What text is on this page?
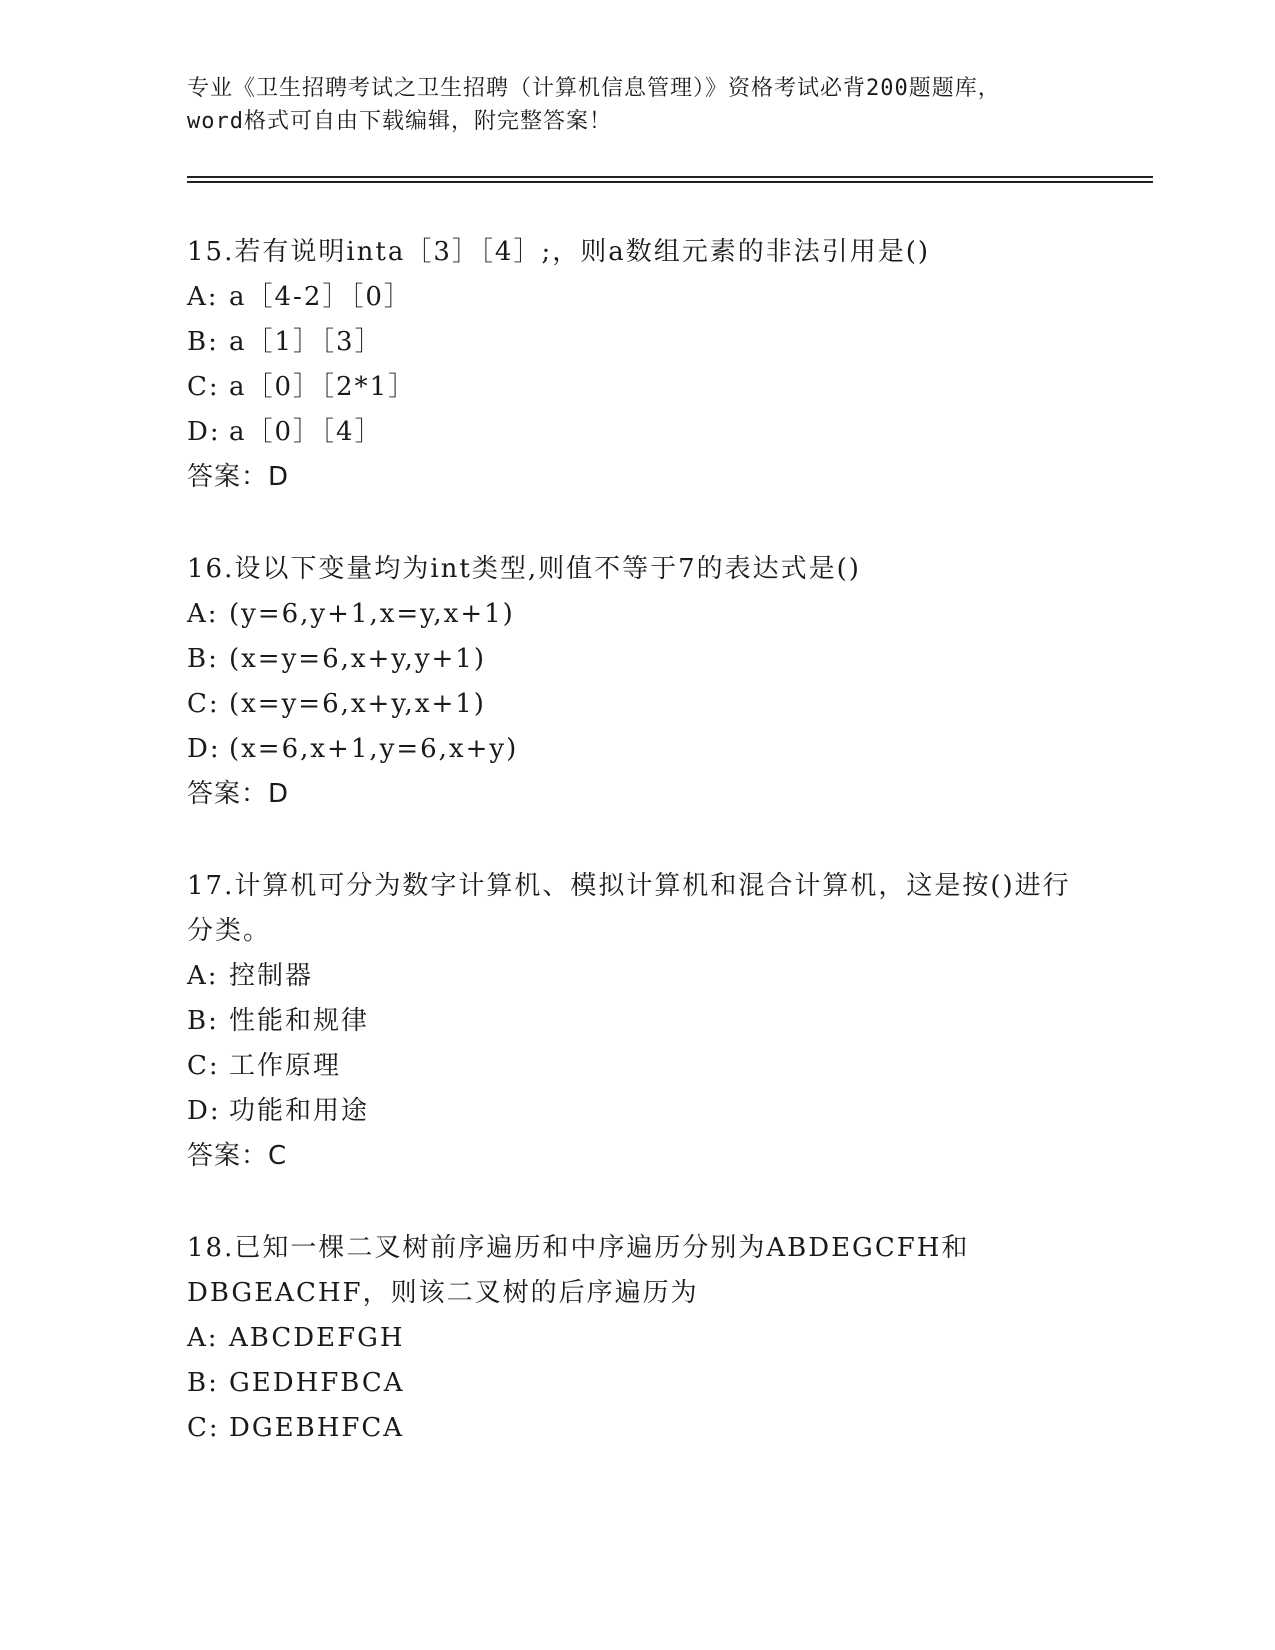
专业《卫生招聘考试之卫生招聘（计算机信息管理）》资格考试必背200题题库，
word格式可自由下载编辑，附完整答案！
15.若有说明inta［3］［4］;，则a数组元素的非法引用是()
A: a［4-2］［0］
B: a［1］［3］
C: a［0］［2*1］
D: a［0］［4］
答案：D
16.设以下变量均为int类型,则值不等于7的表达式是()
A: (y=6,y+1,x=y,x+1)
B: (x=y=6,x+y,y+1)
C: (x=y=6,x+y,x+1)
D: (x=6,x+1,y=6,x+y)
答案：D
17.计算机可分为数字计算机、模拟计算机和混合计算机，这是按()进行分类。
A: 控制器
B: 性能和规律
C: 工作原理
D: 功能和用途
答案：C
18.已知一棵二叉树前序遍历和中序遍历分别为ABDEGCFH和DBGEACHF，则该二叉树的后序遍历为
A: ABCDEFGH
B: GEDHFBCA
C: DGEBHFCA
